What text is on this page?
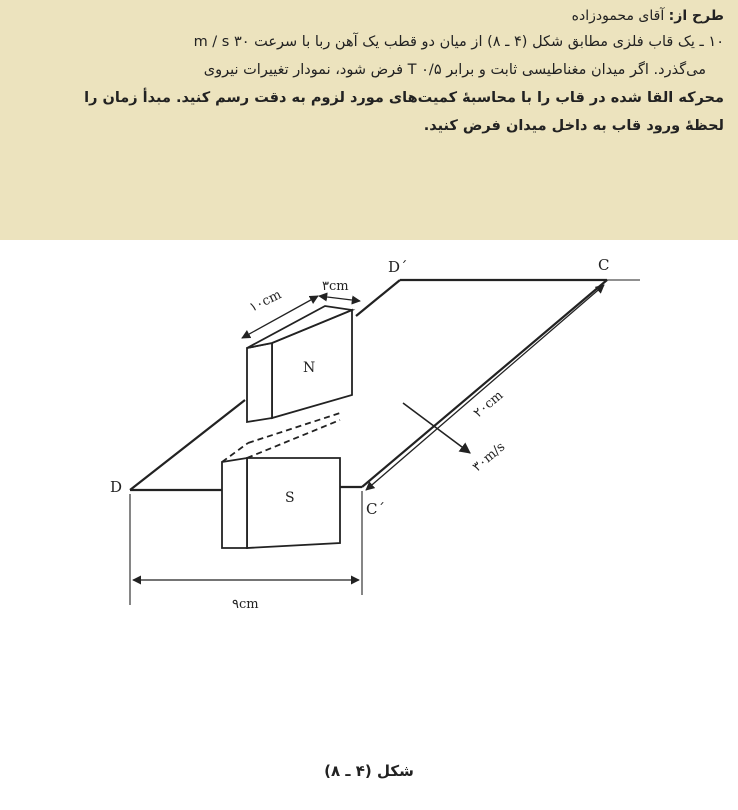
طرح از: آقای محمودزاده

۱۰ ـ یک قاب فلزی مطابق شکل (۴ ـ ۸) از میان دو قطب یک آهن ربا با سرعت ۳۰ m / s

می‌گذرد. اگر میدان مغناطیسی ثابت و برابر ۰/۵ T فرض شود، نمودار تغییرات نیروی

محرکه القا شده در قاب را با محاسبهٔ کمیت‌های مورد لزوم به دقت رسم کنید. مبدأ زمان را

لحظهٔ ورود قاب به داخل میدان فرض کنید.

D
D´	C
C´
N
S
۱۰cm
۳cm
۲۰cm
۳۰m/s
۹cm
شکل (۴ ـ ۸)
